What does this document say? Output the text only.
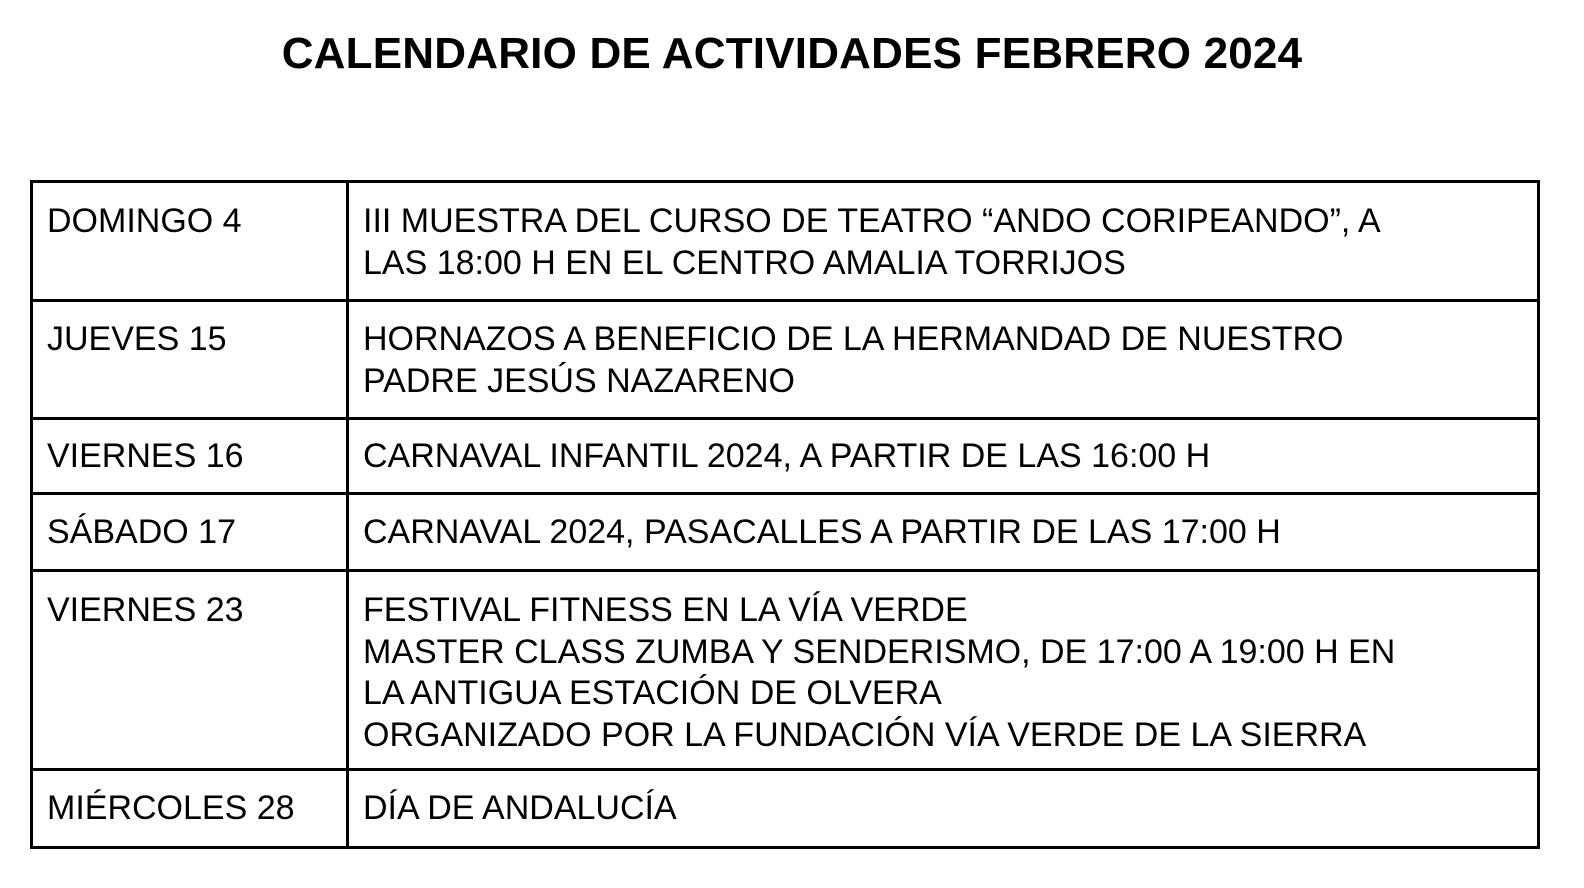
CALENDARIO DE ACTIVIDADES FEBRERO 2024
DOMINGO 4	III MUESTRA DEL CURSO DE TEATRO “ANDO CORIPEANDO”, A
LAS 18:00 H EN EL CENTRO AMALIA TORRIJOS

JUEVES 15	HORNAZOS A BENEFICIO DE LA HERMANDAD DE NUESTRO
PADRE JESÚS NAZARENO

VIERNES 16	CARNAVAL INFANTIL 2024, A PARTIR DE LAS 16:00 H

SÁBADO 17	CARNAVAL 2024, PASACALLES A PARTIR DE LAS 17:00 H

VIERNES 23	FESTIVAL FITNESS EN LA VÍA VERDE
MASTER CLASS ZUMBA Y SENDERISMO, DE 17:00 A 19:00 H EN
LA ANTIGUA ESTACIÓN DE OLVERA
ORGANIZADO POR LA FUNDACIÓN VÍA VERDE DE LA SIERRA

MIÉRCOLES 28	DÍA DE ANDALUCÍA
